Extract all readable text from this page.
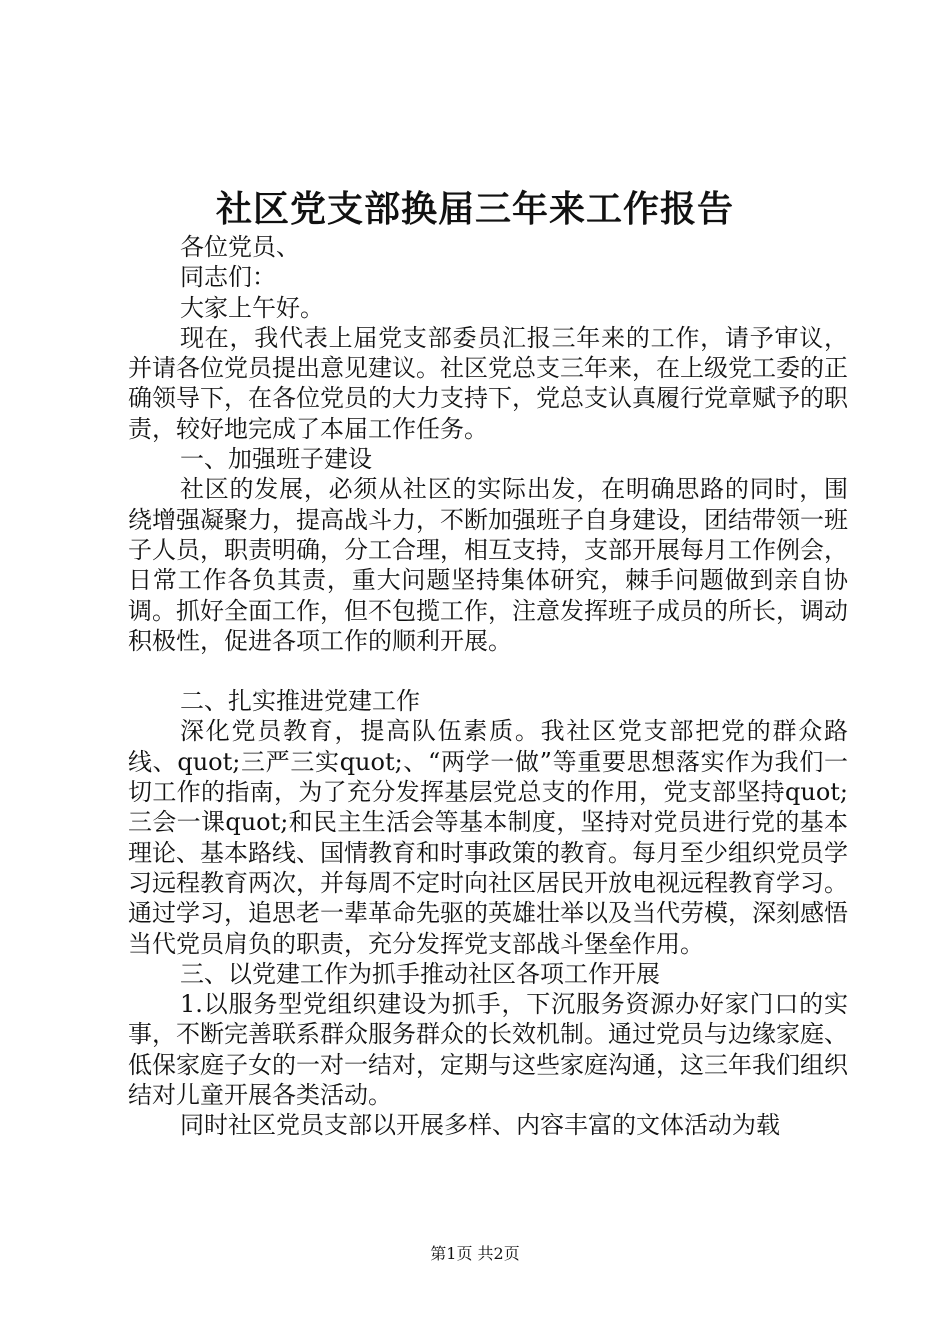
社区党支部换届三年来工作报告

各位党员、

同志们：

大家上午好。

现在，我代表上届党支部委员汇报三年来的工作，请予审议，并请各位党员提出意见建议。社区党总支三年来，在上级党工委的正确领导下，在各位党员的大力支持下，党总支认真履行党章赋予的职责，较好地完成了本届工作任务。

一、加强班子建设

社区的发展，必须从社区的实际出发，在明确思路的同时，围绕增强凝聚力，提高战斗力，不断加强班子自身建设，团结带领一班子人员，职责明确，分工合理，相互支持，支部开展每月工作例会，日常工作各负其责，重大问题坚持集体研究，棘手问题做到亲自协调。抓好全面工作，但不包揽工作，注意发挥班子成员的所长，调动积极性，促进各项工作的顺利开展。

二、扎实推进党建工作

深化党员教育，提高队伍素质。我社区党支部把党的群众路线、quot;三严三实quot;、“两学一做”等重要思想落实作为我们一切工作的指南，为了充分发挥基层党总支的作用，党支部坚持quot;三会一课quot;和民主生活会等基本制度，坚持对党员进行党的基本理论、基本路线、国情教育和时事政策的教育。每月至少组织党员学习远程教育两次，并每周不定时向社区居民开放电视远程教育学习。通过学习，追思老一辈革命先驱的英雄壮举以及当代劳模，深刻感悟当代党员肩负的职责，充分发挥党支部战斗堡垒作用。

三、以党建工作为抓手推动社区各项工作开展

1.以服务型党组织建设为抓手，下沉服务资源办好家门口的实事，不断完善联系群众服务群众的长效机制。通过党员与边缘家庭、低保家庭子女的一对一结对，定期与这些家庭沟通，这三年我们组织结对儿童开展各类活动。

同时社区党员支部以开展多样、内容丰富的文体活动为载

第1页 共2页
